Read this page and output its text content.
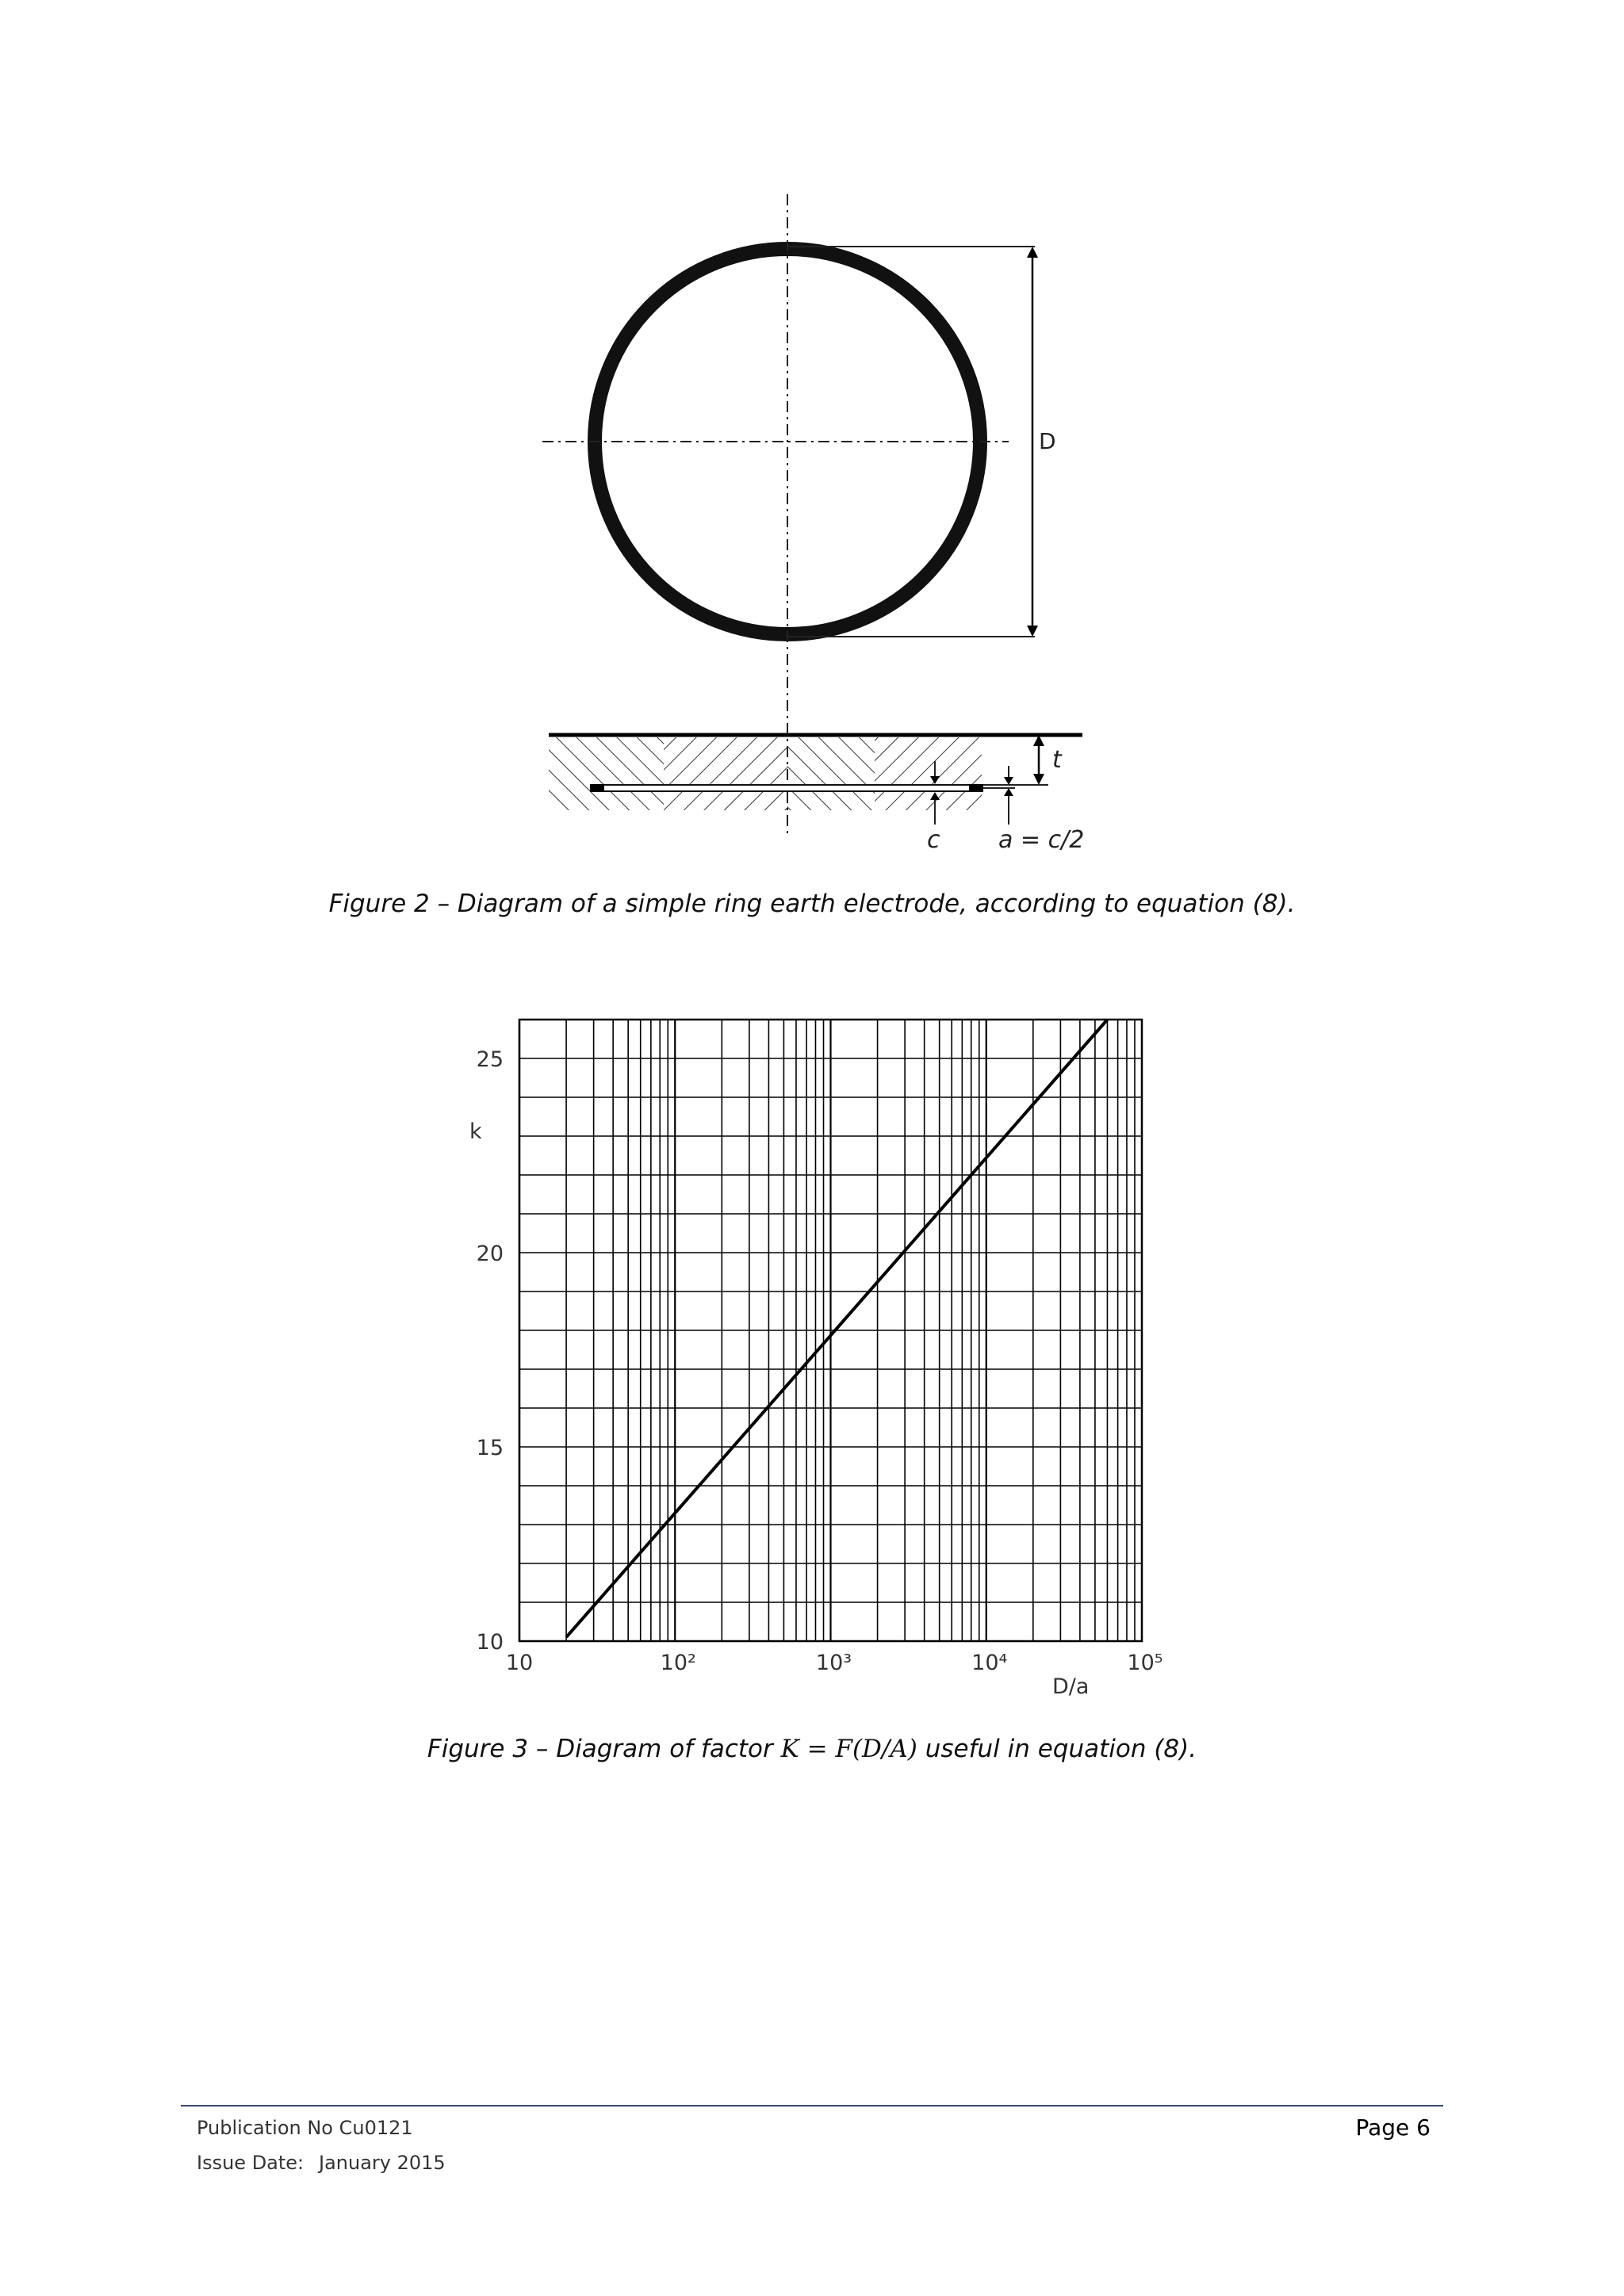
D
t
a = c/2
c
Figure 2 – Diagram of a simple ring earth electrode, according to equation (8).
10
15
20
25
10	10²	10³	10⁴	10⁵
k
D/a
Figure 3 – Diagram of factor K = F(D/A) useful in equation (8).
Publication No Cu0121
Issue Date: January 2015
Page 6
